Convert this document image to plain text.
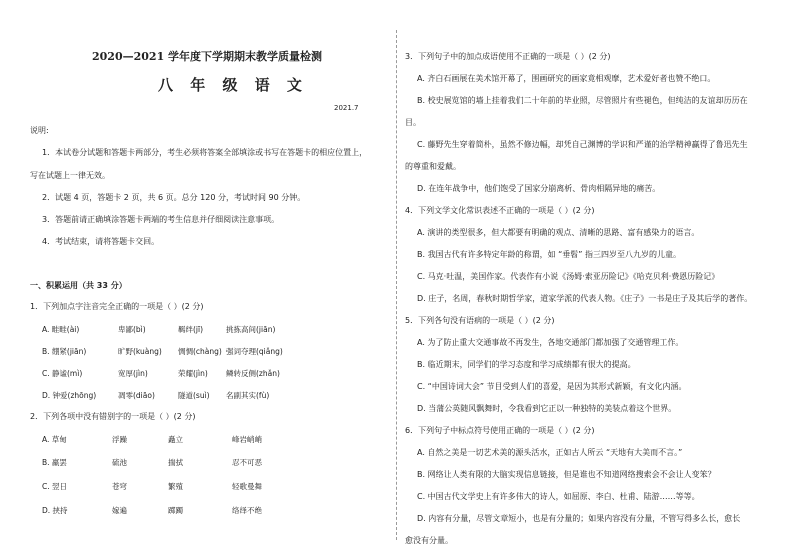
2020—2021 学年度下学期期末教学质量检测
八 年 级 语 文
2021.7
说明:
1．本试卷分试题和答题卡两部分，考生必须将答案全部填涂或书写在答题卡的相应位置上，
写在试题上一律无效。
2．试题 4 页，答题卡 2 页，共 6 页。总分 120 分，考试时间 90 分钟。
3．答题前请正确填涂答题卡两端的考生信息并仔细阅读注意事项。
4．考试结束，请将答题卡交回。
一、积累运用（共 33 分）
1．下列加点字注音完全正确的一项是（ ）(2 分)
A. 畦畦(ài)	卑鄙(bì)	羁绊(jī)	挑拣高间(jiān)
B. 绷紧(jiān)	旷野(kuàng) 惆惆(chàng) 强词夺理(qiǎng)
C. 静谧(mì)	宽厚(jìn)	荣耀(jìn) 鳞转反侧(zhǎn)
D. 钟爱(zhōng)	凋零(diāo)	隧道(suì) 名副其实(fù)
2．下列各项中没有错别字的一项是（ ）(2 分)
A. 草甸	浮躁	矗立	峰岩峭峭
B. 羸罢	硫池	揣拭	忍不可恶
C. 翌日	苍穹	繁殖	轻歌曼舞
D. 挟持	嫁遍	踯躅	络绎不绝
3．下列句子中的加点成语使用不正确的一项是（ ）(2 分)
A. 齐白石画展在美术馆开幕了，围画研究的画家竟相观摩，艺术爱好者也赞不绝口。
B. 校史展览馆的墙上挂着我们二十年前的毕业照，尽管照片有些褪色，但纯洁的友谊却历历在
目。
C. 藤野先生穿着简朴，虽然不修边幅，却凭自己渊博的学识和严谨的治学精神赢得了鲁迅先生
的尊重和爱戴。
D. 在连年战争中，他们饱受了国家分崩离析、骨肉相隔异地的痛苦。
4．下列文学文化常识表述不正确的一项是（ ）(2 分)
A. 演讲的类型很多，但大都要有明确的观点、清晰的思路、富有感染力的语言。
B. 我国古代有许多特定年龄的称谓，如 “垂髫” 指三四岁至八九岁的儿童。
C. 马克·吐温，美国作家。代表作有小说《汤姆·索亚历险记》《哈克贝利·费恩历险记》
D. 庄子，名周，春秋时期哲学家，道家学派的代表人物。《庄子》一书是庄子及其后学的著作。
5．下列各句没有语病的一项是（ ）(2 分)
A. 为了防止重大交通事故不再发生，各地交通部门都加强了交通管理工作。
B. 临近期末，同学们的学习态度和学习成绩都有很大的提高。
C. “中国诗词大会” 节目受到人们的喜爱，是因为其形式新颖，有文化内涵。
D. 当蒲公英随风飘舞时，令我看到它正以一种独特的美装点着这个世界。
6．下列句子中标点符号使用正确的一项是（ ）(2 分)
A. 自然之美是一切艺术美的源头活水，正如古人所云 “天地有大美而不言。”
B. 网络让人类有限的大脑实现信息链接，但是谁也不知道网络搜索会不会让人变笨？
C. 中国古代文学史上有许多伟大的诗人，如屈原、李白、杜甫、陆游……等等。
D. 内容有分量，尽管文章短小，也是有分量的；如果内容没有分量，不管写得多么长，愈长
愈没有分量。
